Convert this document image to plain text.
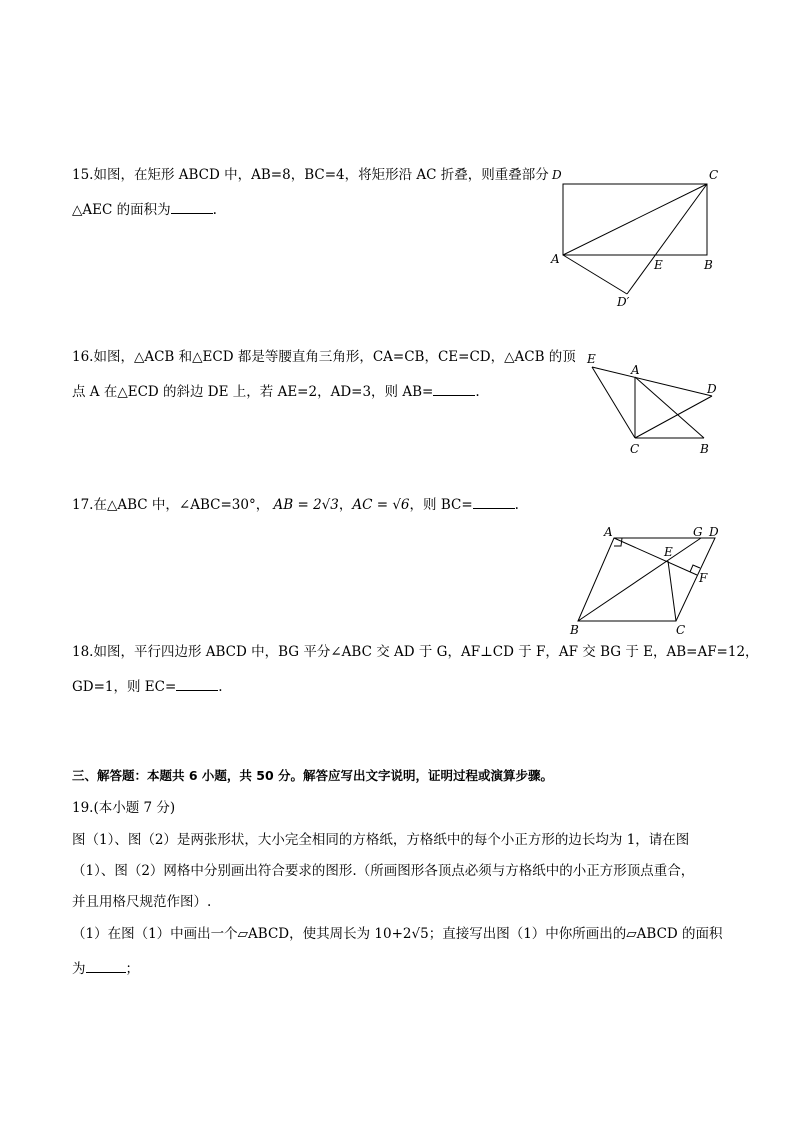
15.如图，在矩形 ABCD 中，AB=8，BC=4，将矩形沿 AC 折叠，则重叠部分
△AEC 的面积为	.
D	C
A	E	B
D′
16.如图，△ACB 和△ECD 都是等腰直角三角形，CA=CB，CE=CD，△ACB 的顶
点 A 在△ECD 的斜边 DE 上，若 AE=2，AD=3，则 AB=	.
E
A
D
C	B
17.在△ABC 中，∠ABC=30°， AB = 2√3，AC = √6，则 BC=	.
A	G D
E
F
B	C
18.如图，平行四边形 ABCD 中，BG 平分∠ABC 交 AD 于 G，AF⊥CD 于 F，AF 交 BG 于 E，AB=AF=12，
GD=1，则 EC=	.
三、解答题：本题共 6 小题，共 50 分。解答应写出文字说明，证明过程或演算步骤。
19.(本小题 7 分)
图（1）、图（2）是两张形状，大小完全相同的方格纸，方格纸中的每个小正方形的边长均为 1，请在图
（1）、图（2）网格中分别画出符合要求的图形.（所画图形各顶点必须与方格纸中的小正方形顶点重合，
并且用格尺规范作图）.
（1）在图（1）中画出一个▱ABCD，使其周长为 10+2√5；直接写出图（1）中你所画出的▱ABCD 的面积
为	；
